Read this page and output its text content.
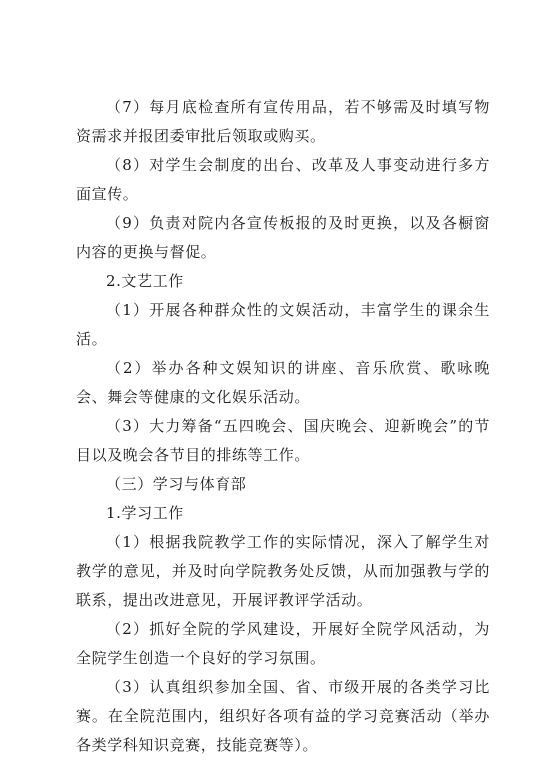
（7）每月底检查所有宣传用品，若不够需及时填写物资需求并报团委审批后领取或购买。

（8）对学生会制度的出台、改革及人事变动进行多方面宣传。

（9）负责对院内各宣传板报的及时更换，以及各橱窗内容的更换与督促。

2.文艺工作

（1）开展各种群众性的文娱活动，丰富学生的课余生活。

（2）举办各种文娱知识的讲座、音乐欣赏、歌咏晚会、舞会等健康的文化娱乐活动。

（3）大力筹备“五四晚会、国庆晚会、迎新晚会”的节目以及晚会各节目的排练等工作。

（三）学习与体育部

1.学习工作

（1）根据我院教学工作的实际情况，深入了解学生对教学的意见，并及时向学院教务处反馈，从而加强教与学的联系，提出改进意见，开展评教评学活动。

（2）抓好全院的学风建设，开展好全院学风活动，为全院学生创造一个良好的学习氛围。

（3）认真组织参加全国、省、市级开展的各类学习比赛。在全院范围内，组织好各项有益的学习竞赛活动（举办各类学科知识竞赛，技能竞赛等）。
